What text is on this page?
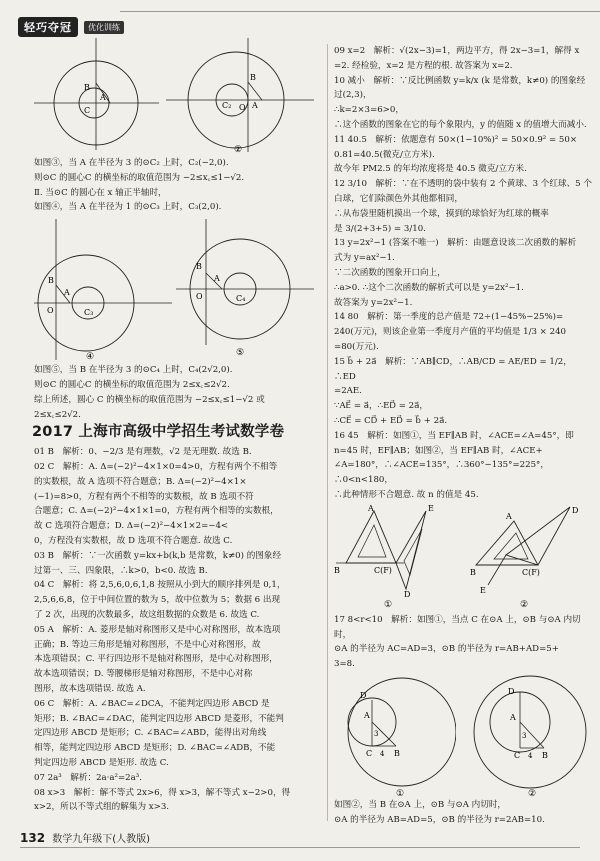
轻巧夺冠	优化训练
B
A
C
B
A
C₂ O
②

如图③，当 A 在半径为 3 的⊙C₂ 上时，C₂(−2,0).

则⊙C 的圆心C 的横坐标的取值范围为 −2≤x꜀≤1−√2.

Ⅱ. 当⊙C 的圆心在 x 轴正半轴时，

如图④，当 A 在半径为 1 的⊙C₃ 上时，C₃(2,0).

B
A
C₃
O
④
B
A
C₄
O
⑤

如图⑤，当 B 在半径为 3 的⊙C₄ 上时，C₄(2√2,0).

则⊙C 的圆心C 的横坐标的取值范围为 2≤x꜀≤2√2.

综上所述，圆心 C 的横坐标的取值范围为 −2≤x꜀≤1−√2 或

2≤x꜀≤2√2.

2017 上海市高级中学招生考试数学卷

01 B　解析：0、−2/3 是有理数，√2 是无理数. 故选 B.

02 C　解析：A. Δ=(−2)²−4×1×0=4>0，方程有两个不相等

的实数根，故 A 选项不符合题意；B. Δ=(−2)²−4×1×

(−1)=8>0，方程有两个不相等的实数根，故 B 选项不符

合题意；C. Δ=(−2)²−4×1×1=0，方程有两个相等的实数根，

故 C 选项符合题意；D. Δ=(−2)²−4×1×2=−4<

0，方程没有实数根，故 D 选项不符合题意. 故选 C.

03 B　解析：∵一次函数 y=kx+b(k,b 是常数，k≠0) 的图象经

过第一、三、四象限，∴k>0，b<0. 故选 B.

04 C　解析：将 2,5,6,0,6,1,8 按照从小到大的顺序排列是 0,1，

2,5,6,6,8，位于中间位置的数为 5，故中位数为 5；数据 6 出现

了 2 次，出现的次数最多，故这组数据的众数是 6. 故选 C.

05 A　解析：A. 菱形是轴对称图形又是中心对称图形，故本选项

正确；B. 等边三角形是轴对称图形，不是中心对称图形，故

本选项错误；C. 平行四边形不是轴对称图形，是中心对称图形，

故本选项错误；D. 等腰梯形是轴对称图形，不是中心对称

图形，故本选项错误. 故选 A.

06 C　解析：A. ∠BAC=∠DCA，不能判定四边形 ABCD 是

矩形；B. ∠BAC=∠DAC，能判定四边形 ABCD 是菱形，不能判

定四边形 ABCD 是矩形；C. ∠BAC=∠ABD，能得出对角线

相等，能判定四边形 ABCD 是矩形；D. ∠BAC=∠ADB，不能

判定四边形 ABCD 是矩形. 故选 C.

07 2a³　解析：2a·a²=2a³.

08 x>3　解析：解不等式 2x>6，得 x>3，解不等式 x−2>0，得 x>2，所以不等式组的解集为 x>3.

09 x=2　解析：√(2x−3)=1，两边平方，得 2x−3=1，解得 x

=2. 经检验，x=2 是方程的根. 故答案为 x=2.

10 减小　解析：∵反比例函数 y=k/x (k 是常数，k≠0) 的图象经

过(2,3)，

∴k=2×3=6>0，

∴这个函数的图象在它的每个象限内，y 的值随 x 的值增大而减小.

11 40.5　解析：依题意有 50×(1−10%)² = 50×0.9² = 50×

0.81=40.5(微克/立方米).

故今年 PM2.5 的年均浓度将是 40.5 微克/立方米.

12 3/10　解析：∵在不透明的袋中装有 2 个黄球、3 个红球、5 个

白球，它们除颜色外其他都相同，

∴从布袋里随机摸出一个球，摸到的球恰好为红球的概率

是 3/(2+3+5) = 3/10.

13 y=2x²−1 (答案不唯一)　解析：由题意设该二次函数的解析

式为 y=ax²−1.

∵二次函数的图象开口向上，

∴a>0. ∴这个二次函数的解析式可以是 y=2x²−1.

故答案为 y=2x²−1.

14 80　解析：第一季度的总产值是 72÷(1−45%−25%)=

240(万元)，则该企业第一季度月产值的平均值是 1/3 × 240

=80(万元).

15 b⃗ + 2a⃗　解析：∵AB∥CD，∴AB/CD = AE/ED = 1/2，∴ED

=2AE.

∵AE⃗ = a⃗，∴ED⃗ = 2a⃗，

∴CE⃗ = CD⃗ + ED⃗ = b⃗ + 2a⃗.

16 45　解析：如图①，当 EF∥AB 时，∠ACE=∠A=45°，即

n=45 时，EF∥AB；如图②，当 EF∥AB 时，∠ACE+

∠A=180°，∴∠ACE=135°，∴360°−135°=225°，∴0<n<180，

∴此种情形不合题意. 故 n 的值是 45.

A	E
B	C(F)
D
①
A
D
B	C(F)
E
②

17 8<r<10　解析：如图①，当点 C 在⊙A 上，⊙B 与⊙A 内切时，

⊙A 的半径为 AC=AD=3，⊙B 的半径为 r=AB+AD=5+

3=8.

D
A
3
C 4 B
①
D
A
3
C 4 B
②

如图②，当 B 在⊙A 上，⊙B 与⊙A 内切时，

⊙A 的半径为 AB=AD=5，⊙B 的半径为 r=2AB=10.

132 数学九年级下(人教版)
